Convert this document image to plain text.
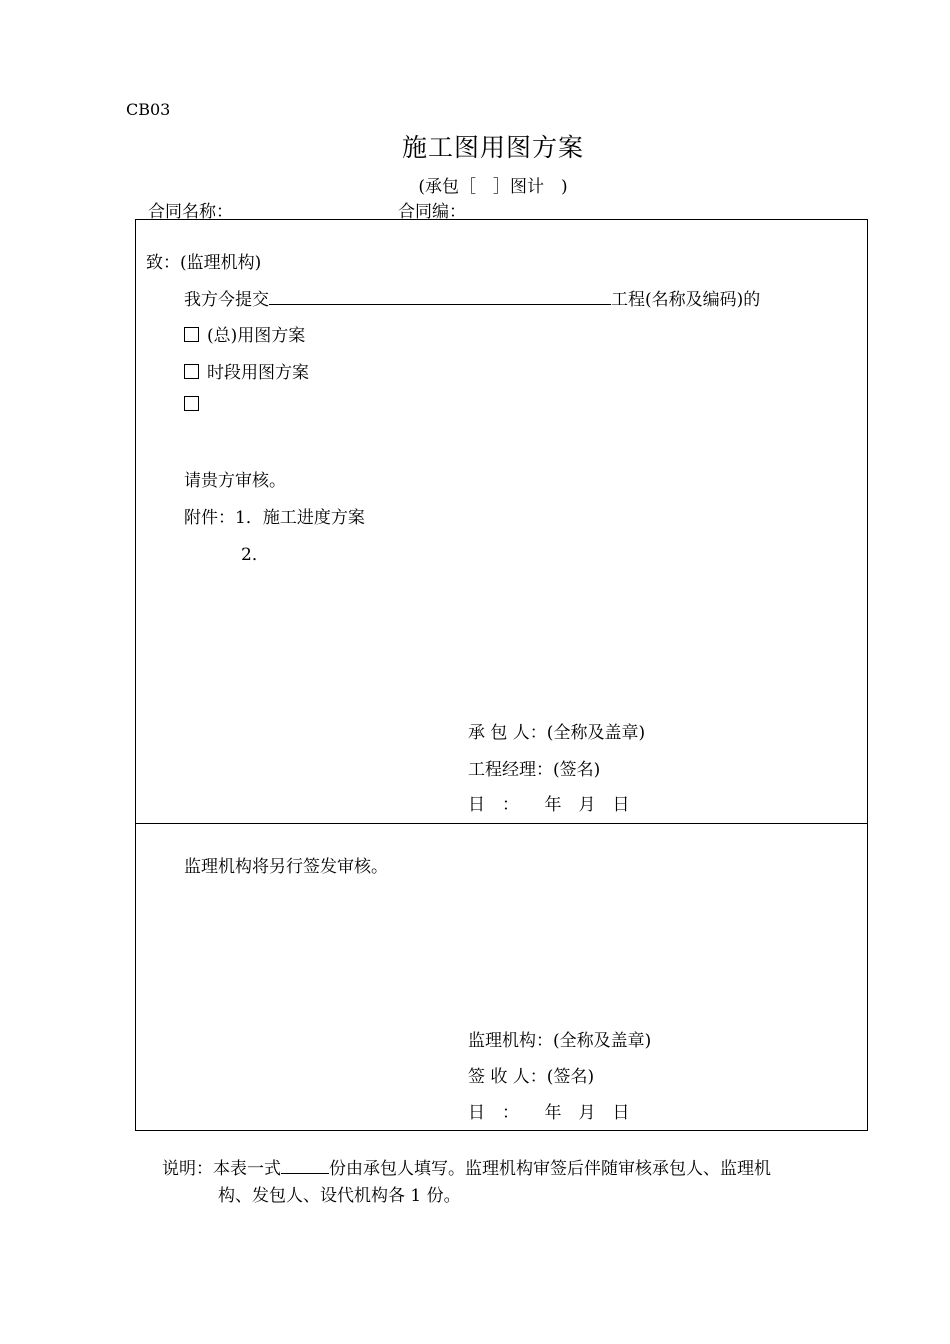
CB03
施工图用图方案
(承包［　］图计　)
合同名称：	合同编：
致：(监理机构)
我方今提交	工程(名称及编码)的
(总)用图方案
时段用图方案
请贵方审核。
附件：1．施工进度方案
2．
承 包 人：(全称及盖章)
工程经理：(签名)
日　：　　年　月　日
监理机构将另行签发审核。
监理机构：(全称及盖章)
签 收 人：(签名)
日　：　　年　月　日
说明：本表一式	份由承包人填写。监理机构审签后伴随审核承包人、监理机
构、发包人、设代机构各 1 份。
